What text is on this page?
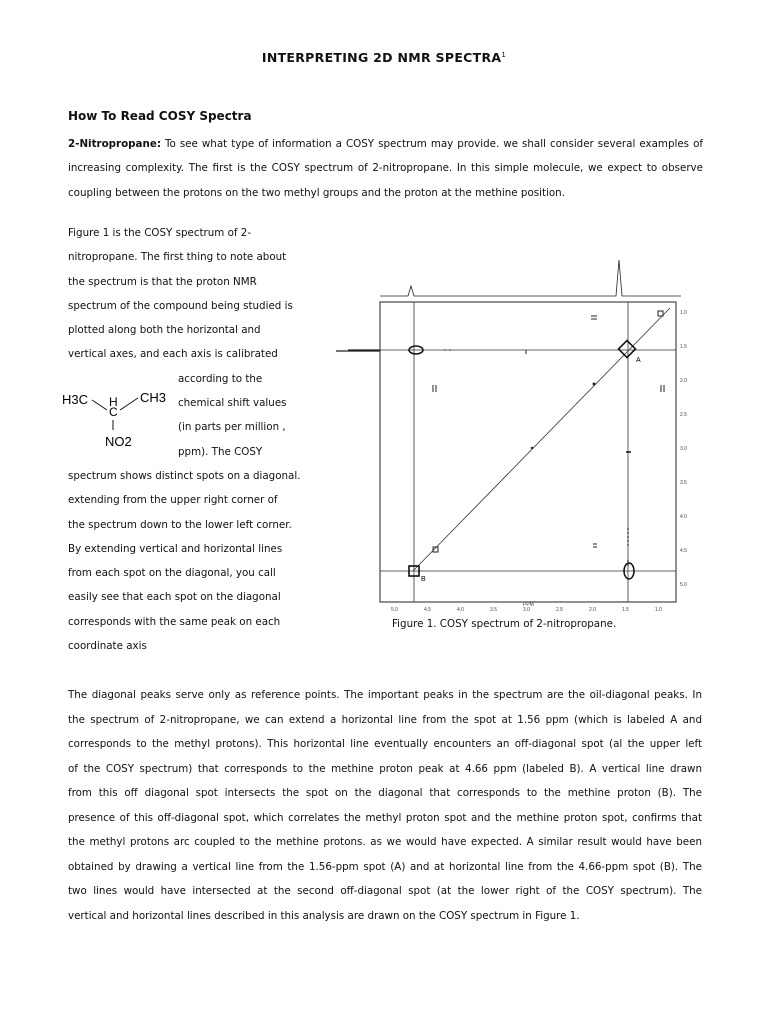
INTERPRETING 2D NMR SPECTRA$^1$
How To Read COSY Spectra
2-Nitropropane: To see what type of information a COSY spectrum may provide. we shall consider several examples of
increasing complexity. The first is the COSY spectrum of 2-nitropropane. In this simple molecule, we expect to observe
coupling between the protons on the two methyl groups and the proton at the methine position.
Figure 1 is the COSY spectrum of 2-
nitropropane. The first thing to note about
the spectrum is that the proton NMR
spectrum of the compound being studied is
plotted along both the horizontal and
vertical axes, and each axis is calibrated
according to the
chemical shift values
(in parts per million ,
ppm). The COSY
spectrum shows distinct spots on a diagonal.
extending from the upper right corner of
the spectrum down to the lower left corner.
By extending vertical and horizontal lines
from each spot on the diagonal, you call
easily see that each spot on the diagonal
corresponds with the same peak on each
coordinate axis
H3C	CH3
H
C
NO2
A
B
5.0	4.5	4.0	3.5	3.0
PPM
2.5	2.0	1.5	1.0
1.0
1.5
2.0
2.5
3.0
3.5
4.0
4.5
5.0
Figure 1. COSY spectrum of 2-nitropropane.
The diagonal peaks serve only as reference points. The important peaks in the spectrum are the oil-diagonal peaks. In
the spectrum of 2-nitropropane, we can extend a horizontal line from the spot at 1.56 ppm (which is labeled A and
corresponds to the methyl protons). This horizontal line eventually encounters an off-diagonal spot (al the upper left
of the COSY spectrum) that corresponds to the methine proton peak at 4.66 ppm (labeled B). A vertical line drawn
from this off diagonal spot intersects the spot on the diagonal that corresponds to the methine proton (B). The
presence of this off-diagonal spot, which correlates the methyl proton spot and the methine proton spot, confirms that
the methyl protons arc coupled to the methine protons. as we would have expected. A similar result would have been
obtained by drawing a vertical line from the 1.56-ppm spot (A) and at horizontal line from the 4.66-ppm spot (B). The
two lines would have intersected at the second off-diagonal spot (at the lower right of the COSY spectrum). The
vertical and horizontal lines described in this analysis are drawn on the COSY spectrum in Figure 1.
